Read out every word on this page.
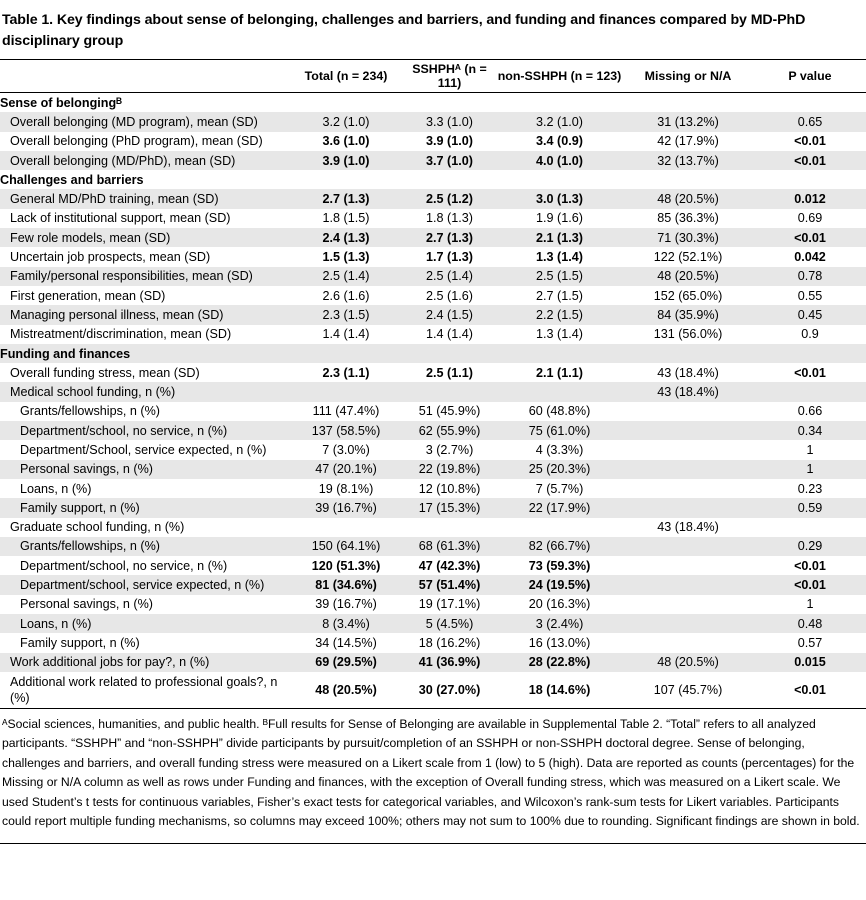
Table 1. Key findings about sense of belonging, challenges and barriers, and funding and finances compared by MD-PhD disciplinary group
	Total (n = 234)	SSHPHᴬ (n = 111)	non-SSHPH (n = 123)	Missing or N/A	P value
Sense of belongingᴮ					
Overall belonging (MD program), mean (SD)	3.2 (1.0)	3.3 (1.0)	3.2 (1.0)	31 (13.2%)	0.65
Overall belonging (PhD program), mean (SD)	3.6 (1.0)	3.9 (1.0)	3.4 (0.9)	42 (17.9%)	<0.01
Overall belonging (MD/PhD), mean (SD)	3.9 (1.0)	3.7 (1.0)	4.0 (1.0)	32 (13.7%)	<0.01
Challenges and barriers					
General MD/PhD training, mean (SD)	2.7 (1.3)	2.5 (1.2)	3.0 (1.3)	48 (20.5%)	0.012
Lack of institutional support, mean (SD)	1.8 (1.5)	1.8 (1.3)	1.9 (1.6)	85 (36.3%)	0.69
Few role models, mean (SD)	2.4 (1.3)	2.7 (1.3)	2.1 (1.3)	71 (30.3%)	<0.01
Uncertain job prospects, mean (SD)	1.5 (1.3)	1.7 (1.3)	1.3 (1.4)	122 (52.1%)	0.042
Family/personal responsibilities, mean (SD)	2.5 (1.4)	2.5 (1.4)	2.5 (1.5)	48 (20.5%)	0.78
First generation, mean (SD)	2.6 (1.6)	2.5 (1.6)	2.7 (1.5)	152 (65.0%)	0.55
Managing personal illness, mean (SD)	2.3 (1.5)	2.4 (1.5)	2.2 (1.5)	84 (35.9%)	0.45
Mistreatment/discrimination, mean (SD)	1.4 (1.4)	1.4 (1.4)	1.3 (1.4)	131 (56.0%)	0.9
Funding and finances					
Overall funding stress, mean (SD)	2.3 (1.1)	2.5 (1.1)	2.1 (1.1)	43 (18.4%)	<0.01
Medical school funding, n (%)				43 (18.4%)	
Grants/fellowships, n (%)	111 (47.4%)	51 (45.9%)	60 (48.8%)		0.66
Department/school, no service, n (%)	137 (58.5%)	62 (55.9%)	75 (61.0%)		0.34
Department/School, service expected, n (%)	7 (3.0%)	3 (2.7%)	4 (3.3%)		1
Personal savings, n (%)	47 (20.1%)	22 (19.8%)	25 (20.3%)		1
Loans, n (%)	19 (8.1%)	12 (10.8%)	7 (5.7%)		0.23
Family support, n (%)	39 (16.7%)	17 (15.3%)	22 (17.9%)		0.59
Graduate school funding, n (%)				43 (18.4%)	
Grants/fellowships, n (%)	150 (64.1%)	68 (61.3%)	82 (66.7%)		0.29
Department/school, no service, n (%)	120 (51.3%)	47 (42.3%)	73 (59.3%)		<0.01
Department/school, service expected, n (%)	81 (34.6%)	57 (51.4%)	24 (19.5%)		<0.01
Personal savings, n (%)	39 (16.7%)	19 (17.1%)	20 (16.3%)		1
Loans, n (%)	8 (3.4%)	5 (4.5%)	3 (2.4%)		0.48
Family support, n (%)	34 (14.5%)	18 (16.2%)	16 (13.0%)		0.57
Work additional jobs for pay?, n (%)	69 (29.5%)	41 (36.9%)	28 (22.8%)	48 (20.5%)	0.015
Additional work related to professional goals?, n (%)	48 (20.5%)	30 (27.0%)	18 (14.6%)	107 (45.7%)	<0.01
ᴬSocial sciences, humanities, and public health. ᴮFull results for Sense of Belonging are available in Supplemental Table 2. “Total” refers to all analyzed participants. “SSHPH” and “non-SSHPH” divide participants by pursuit/completion of an SSHPH or non-SSHPH doctoral degree. Sense of belonging, challenges and barriers, and overall funding stress were measured on a Likert scale from 1 (low) to 5 (high). Data are reported as counts (percentages) for the Missing or N/A column as well as rows under Funding and finances, with the exception of Overall funding stress, which was measured on a Likert scale. We used Student’s t tests for continuous variables, Fisher’s exact tests for categorical variables, and Wilcoxon’s rank-sum tests for Likert variables. Participants could report multiple funding mechanisms, so columns may exceed 100%; others may not sum to 100% due to rounding. Significant findings are shown in bold.
